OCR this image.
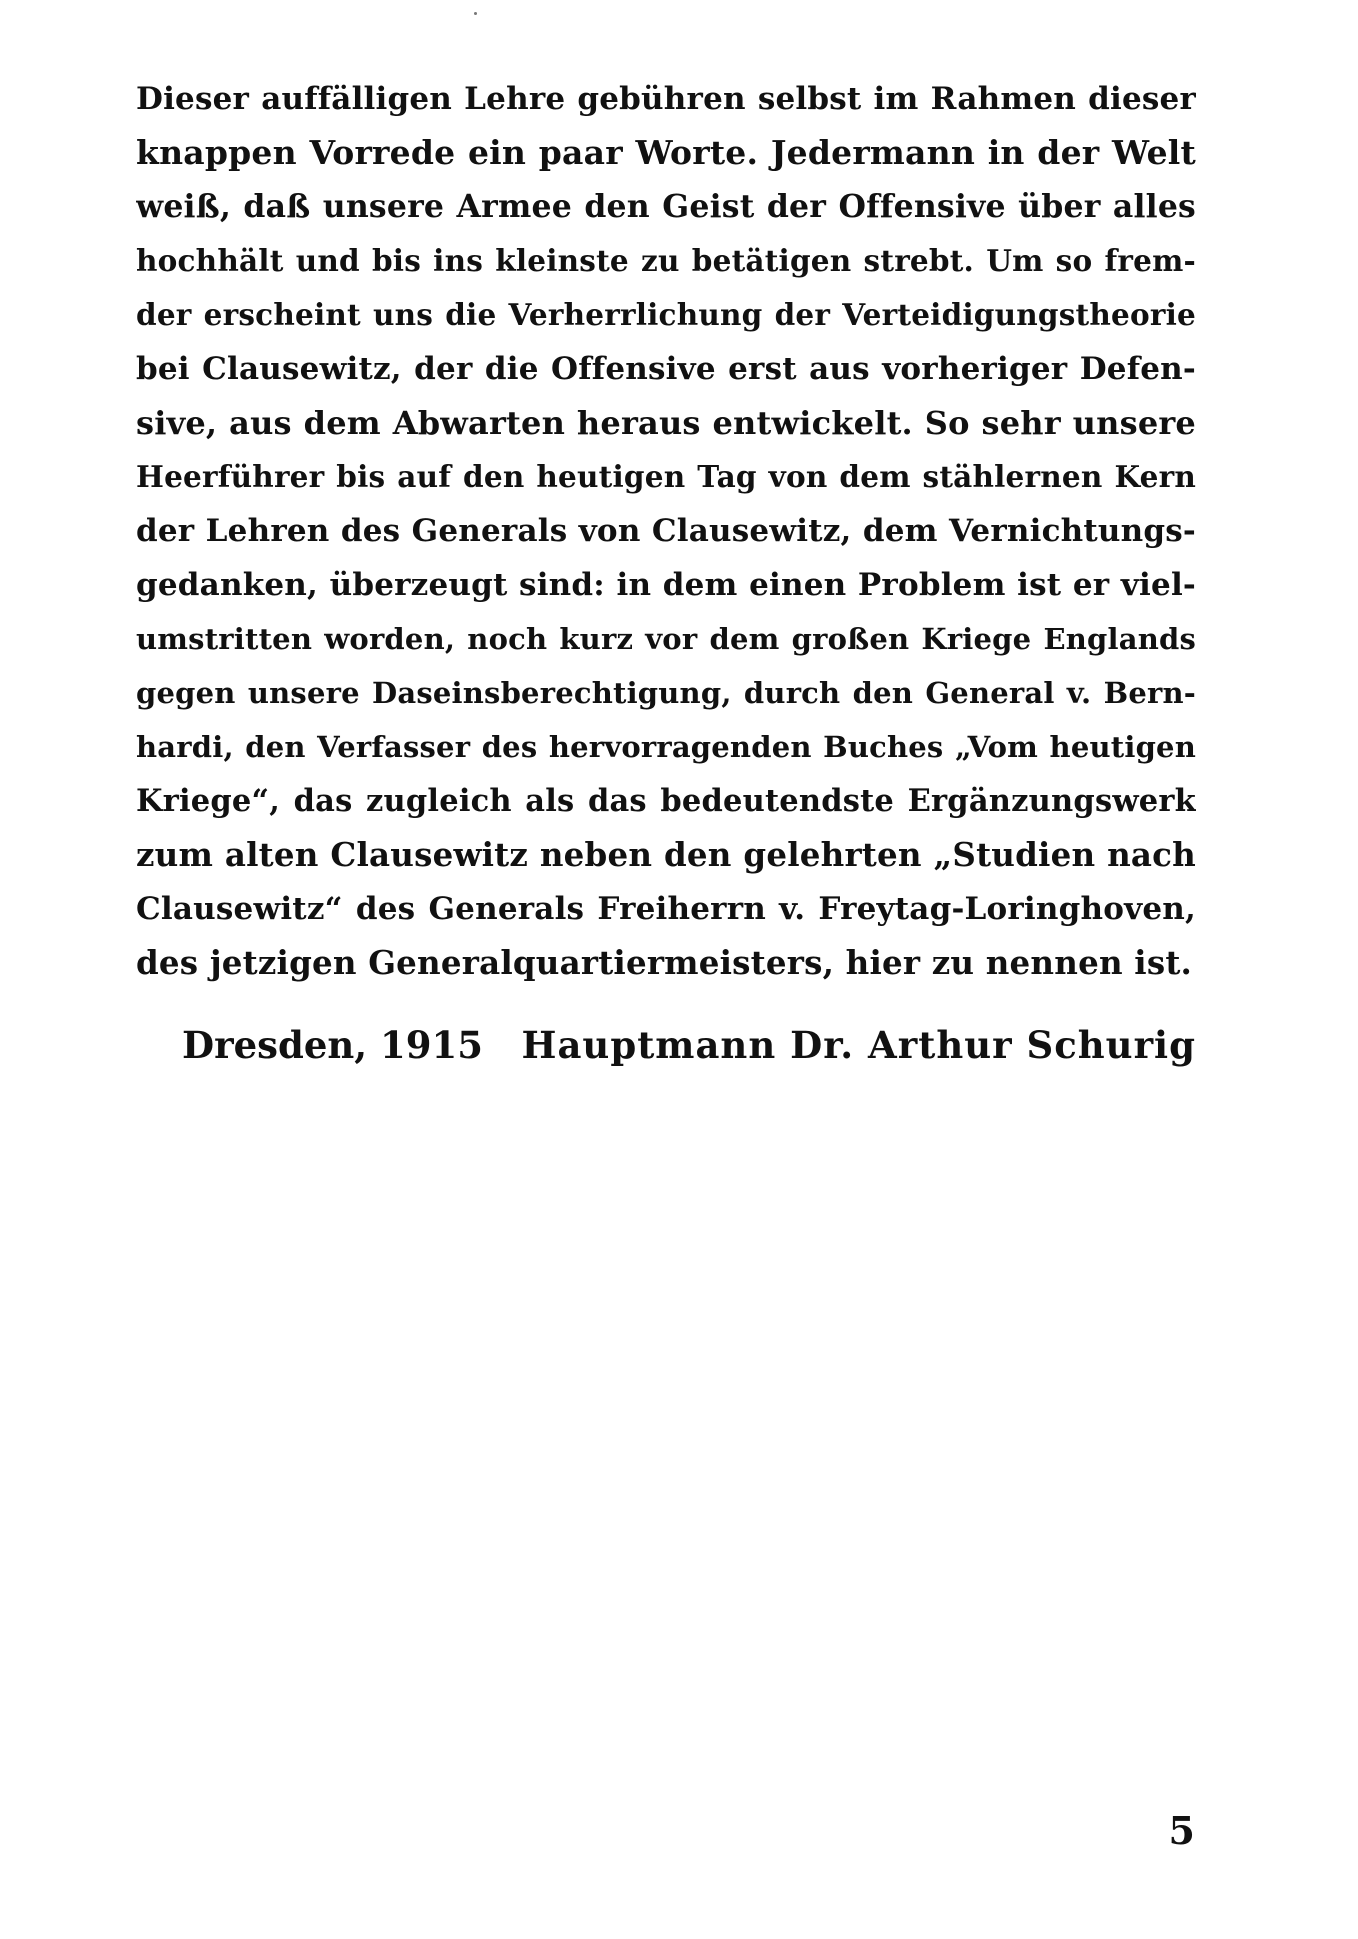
Dieser auffälligen Lehre gebühren selbst im Rahmen dieser
knappen Vorrede ein paar Worte. Jedermann in der Welt
weiß, daß unsere Armee den Geist der Offensive über alles
hochhält und bis ins kleinste zu betätigen strebt. Um so frem-
der erscheint uns die Verherrlichung der Verteidigungstheorie
bei Clausewitz, der die Offensive erst aus vorheriger Defen-
sive, aus dem Abwarten heraus entwickelt. So sehr unsere
Heerführer bis auf den heutigen Tag von dem stählernen Kern
der Lehren des Generals von Clausewitz, dem Vernichtungs-
gedanken, überzeugt sind: in dem einen Problem ist er viel-
umstritten worden, noch kurz vor dem großen Kriege Englands
gegen unsere Daseinsberechtigung, durch den General v. Bern-
hardi, den Verfasser des hervorragenden Buches „Vom heutigen
Kriege“, das zugleich als das bedeutendste Ergänzungswerk
zum alten Clausewitz neben den gelehrten „Studien nach
Clausewitz“ des Generals Freiherrn v. Freytag-Loringhoven,
des jetzigen Generalquartiermeisters, hier zu nennen ist.
Dresden, 1915 Hauptmann Dr. Arthur Schurig
5
